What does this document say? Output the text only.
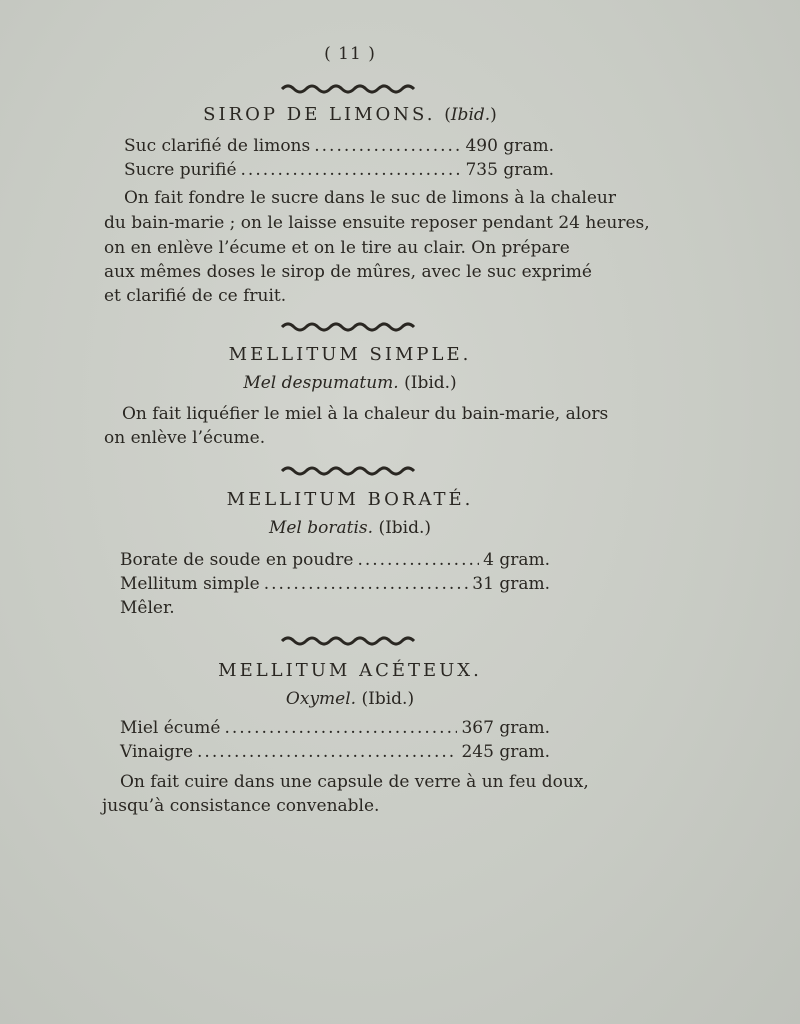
( 11 )
SIROP DE LIMONS. (Ibid.)
Suc clarifié de limons .....	490 gram.
Sucre purifié .....	735 gram.
On fait fondre le sucre dans le suc de limons à la chaleur
du bain-marie ; on le laisse ensuite reposer pendant 24 heures,
on en enlève l’écume et on le tire au clair. On prépare
aux mêmes doses le sirop de mûres, avec le suc exprimé
et clarifié de ce fruit.
MELLITUM SIMPLE.
Mel despumatum. (Ibid.)
On fait liquéfier le miel à la chaleur du bain-marie, alors
on enlève l’écume.
MELLITUM BORATÉ.
Mel boratis. (Ibid.)
Borate de soude en poudre .....	4 gram.
Mellitum simple .....	31 gram.
Mêler.
MELLITUM ACÉTEUX.
Oxymel. (Ibid.)
Miel écumé .....	367 gram.
Vinaigre .....	245 gram.
On fait cuire dans une capsule de verre à un feu doux,
jusqu’à consistance convenable.
